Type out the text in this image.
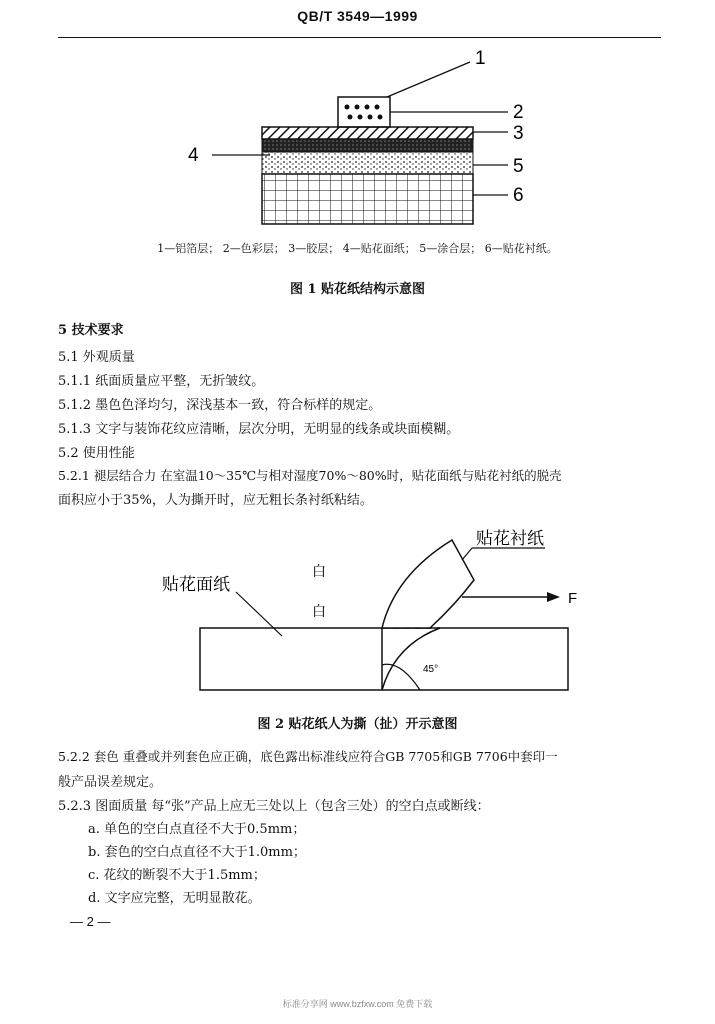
QB/T 3549—1999
1
2
3
4
5
6
贴花面纸
贴花衬纸
白
白
F
45°
1—铝箔层； 2—色彩层； 3—胶层； 4—贴花面纸； 5—涂合层； 6—贴花衬纸。
图 1 贴花纸结构示意图
5 技术要求
5.1 外观质量
5.1.1 纸面质量应平整，无折皱纹。
5.1.2 墨色色泽均匀，深浅基本一致，符合标样的规定。
5.1.3 文字与装饰花纹应清晰，层次分明，无明显的线条或块面模糊。
5.2 使用性能
5.2.1 褪层结合力 在室温10～35℃与相对湿度70%～80%时，贴花面纸与贴花衬纸的脱壳
面积应小于35%，人为撕开时，应无粗长条衬纸粘结。
图 2 贴花纸人为撕（扯）开示意图
5.2.2 套色 重叠或并列套色应正确，底色露出标准线应符合GB 7705和GB 7706中套印一
般产品误差规定。
5.2.3 图面质量 每“张”产品上应无三处以上（包含三处）的空白点或断线：
a. 单色的空白点直径不大于0.5mm；
b. 套色的空白点直径不大于1.0mm；
c. 花纹的断裂不大于1.5mm；
d. 文字应完整，无明显散花。
— 2 —
标准分享网 www.bzfxw.com 免费下载
